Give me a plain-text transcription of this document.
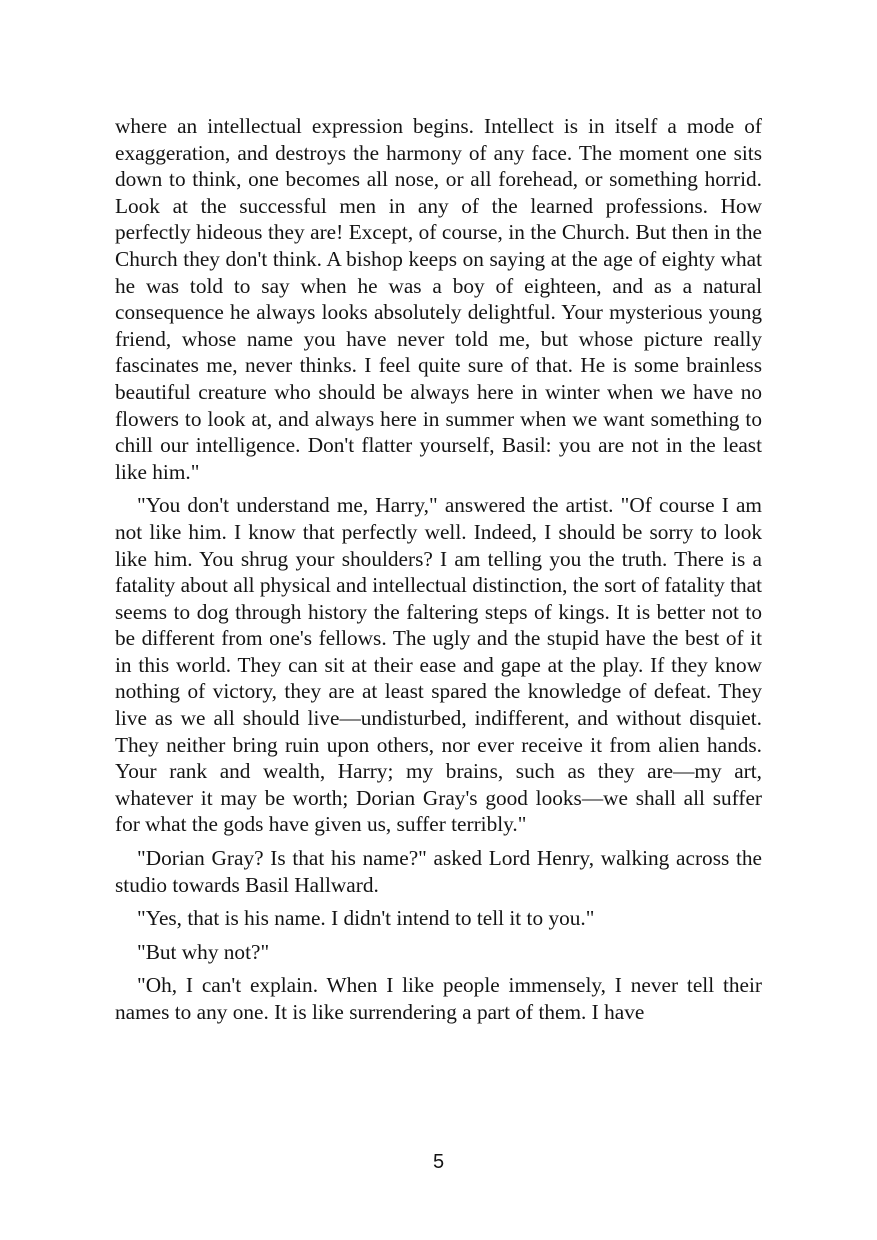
where an intellectual expression begins. Intellect is in itself a mode of exaggeration, and destroys the harmony of any face. The moment one sits down to think, one becomes all nose, or all forehead, or something horrid. Look at the successful men in any of the learned professions. How perfectly hideous they are! Except, of course, in the Church. But then in the Church they don't think. A bishop keeps on saying at the age of eighty what he was told to say when he was a boy of eighteen, and as a natural consequence he always looks absolutely delightful. Your mysterious young friend, whose name you have never told me, but whose picture really fascinates me, never thinks. I feel quite sure of that. He is some brainless beautiful creature who should be always here in winter when we have no flowers to look at, and always here in summer when we want something to chill our intelligence. Don't flatter yourself, Basil: you are not in the least like him."

"You don't understand me, Harry," answered the artist. "Of course I am not like him. I know that perfectly well. Indeed, I should be sorry to look like him. You shrug your shoulders? I am telling you the truth. There is a fatality about all physical and intellectual distinction, the sort of fatality that seems to dog through history the faltering steps of kings. It is better not to be different from one's fellows. The ugly and the stupid have the best of it in this world. They can sit at their ease and gape at the play. If they know nothing of victory, they are at least spared the knowledge of defeat. They live as we all should live—undisturbed, indifferent, and without disquiet. They neither bring ruin upon others, nor ever receive it from alien hands. Your rank and wealth, Harry; my brains, such as they are—my art, whatever it may be worth; Dorian Gray's good looks—we shall all suffer for what the gods have given us, suffer terribly."

"Dorian Gray? Is that his name?" asked Lord Henry, walking across the studio towards Basil Hallward.

"Yes, that is his name. I didn't intend to tell it to you."

"But why not?"

"Oh, I can't explain. When I like people immensely, I never tell their names to any one. It is like surrendering a part of them. I have

5
